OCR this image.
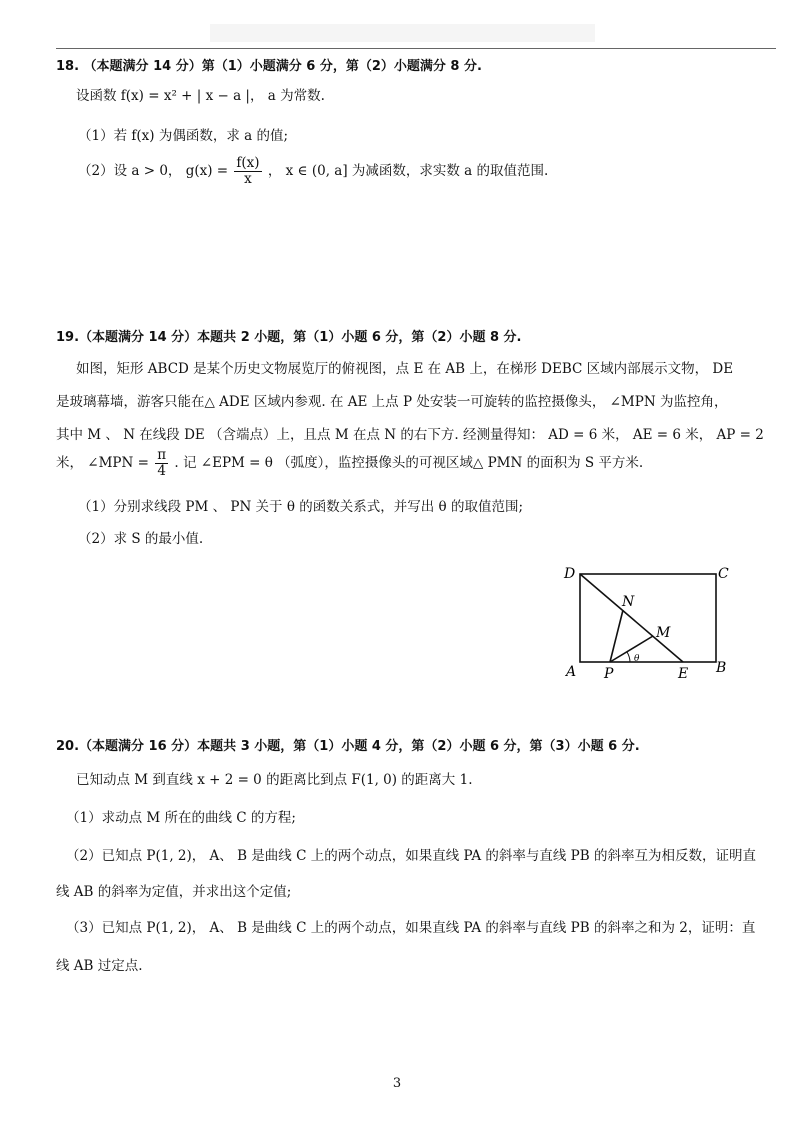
18. （本题满分 14 分）第（1）小题满分 6 分，第（2）小题满分 8 分.
设函数 f(x) = x² + | x − a |， a 为常数.
（1）若 f(x) 为偶函数，求 a 的值;
（2）设 a > 0， $g(x) = \frac{f(x)}{x}$ ， x ∈ (0, a] 为减函数，求实数 a 的取值范围.
19.（本题满分 14 分）本题共 2 小题，第（1）小题 6 分，第（2）小题 8 分.
如图，矩形 ABCD 是某个历史文物展览厅的俯视图，点 E 在 AB 上，在梯形 DEBC 区域内部展示文物， DE
是玻璃幕墙，游客只能在△ ADE 区域内参观. 在 AE 上点 P 处安装一可旋转的监控摄像头， ∠MPN 为监控角，
其中 M 、 N 在线段 DE （含端点）上，且点 M 在点 N 的右下方. 经测量得知： AD = 6 米， AE = 6 米， AP = 2
米， ∠MPN = $\frac{\pi}{4}$ . 记 ∠EPM = θ （弧度），监控摄像头的可视区域△ PMN 的面积为 S 平方米.
（1）分别求线段 PM 、 PN 关于 θ 的函数关系式，并写出 θ 的取值范围;
（2）求 S 的最小值.
D	C
N
M
θ
A P	E B
20.（本题满分 16 分）本题共 3 小题，第（1）小题 4 分，第（2）小题 6 分，第（3）小题 6 分.
已知动点 M 到直线 x + 2 = 0 的距离比到点 F(1, 0) 的距离大 1.
（1）求动点 M 所在的曲线 C 的方程;
（2）已知点 P(1, 2)， A、 B 是曲线 C 上的两个动点，如果直线 PA 的斜率与直线 PB 的斜率互为相反数，证明直
线 AB 的斜率为定值，并求出这个定值;
（3）已知点 P(1, 2)， A、 B 是曲线 C 上的两个动点，如果直线 PA 的斜率与直线 PB 的斜率之和为 2，证明：直
线 AB 过定点.
3
